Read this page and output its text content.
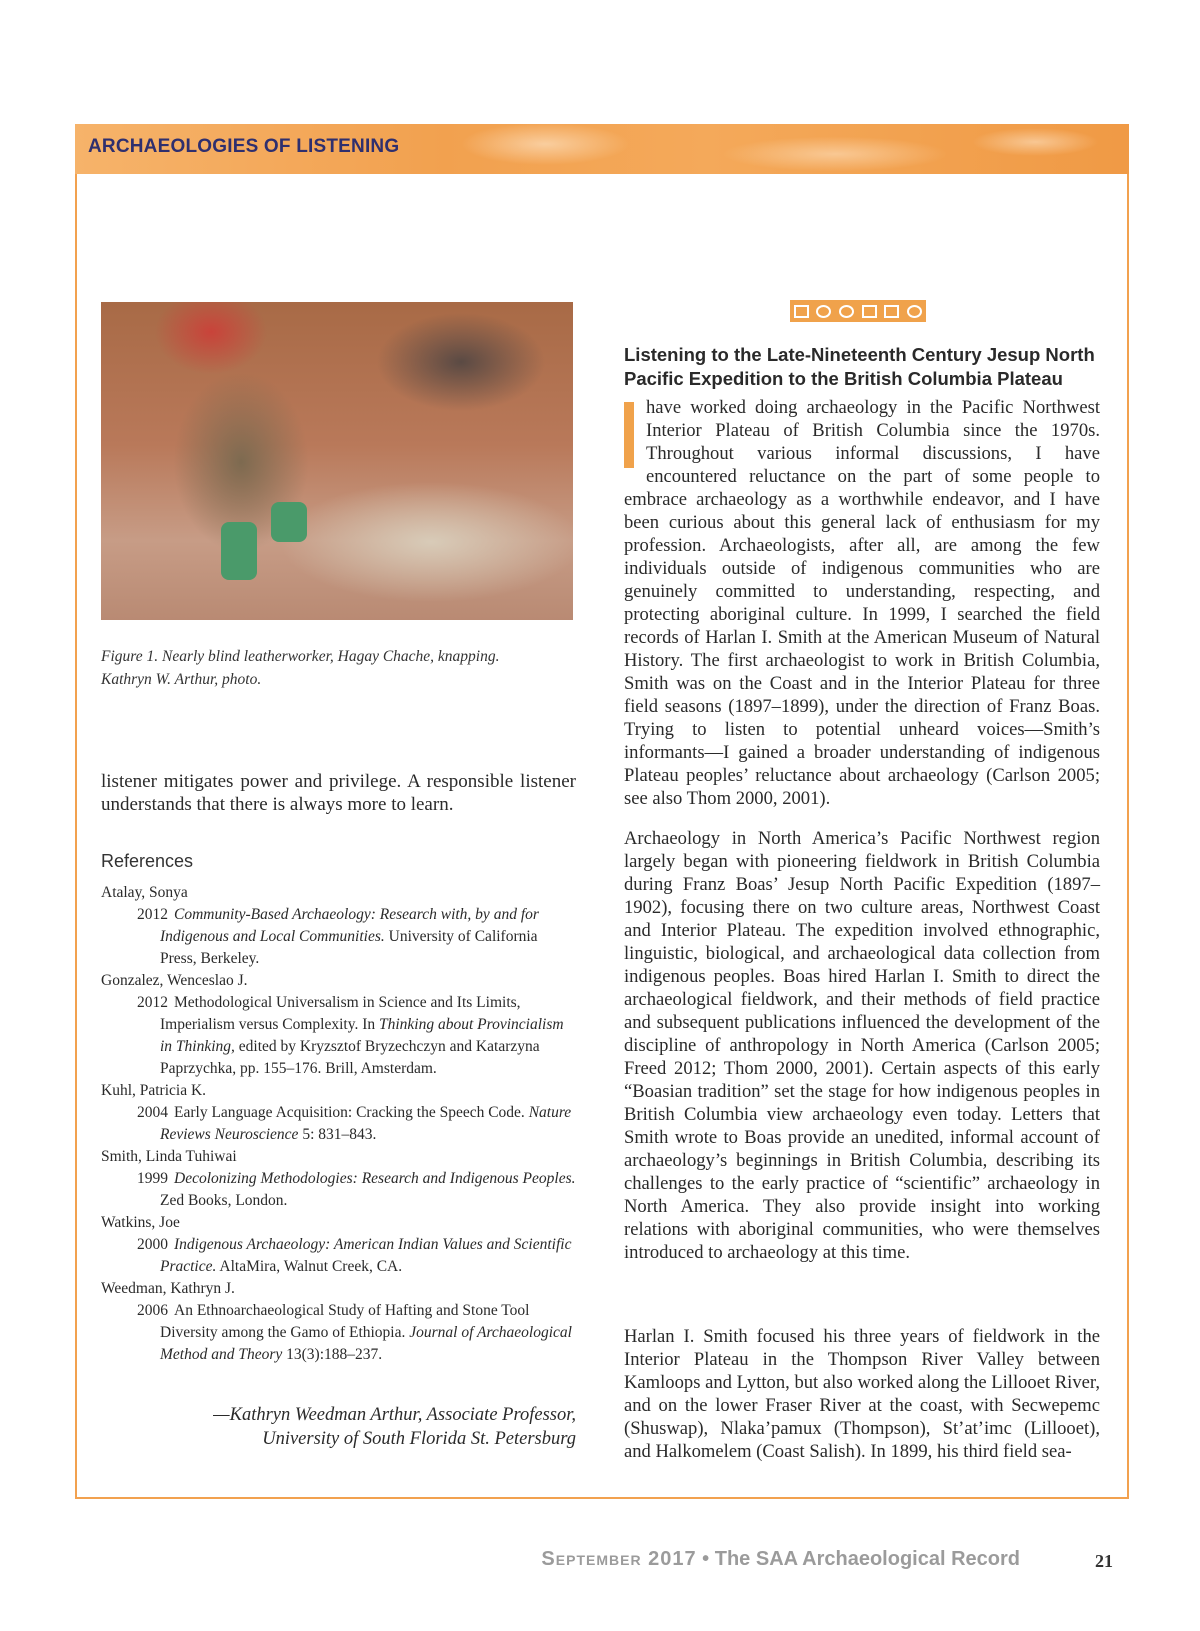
ARCHAEOLOGIES OF LISTENING
Figure 1. Nearly blind leatherworker, Hagay Chache, knapping.
Kathryn W. Arthur, photo.
listener mitigates power and privilege. A responsible listener understands that there is always more to learn.
References
Atalay, Sonya
2012 Community-Based Archaeology: Research with, by and for Indigenous and Local Communities. University of California Press, Berkeley.
Gonzalez, Wenceslao J.
2012 Methodological Universalism in Science and Its Limits, Imperialism versus Complexity. In Thinking about Provincialism in Thinking, edited by Kryzsztof Bryzechczyn and Katarzyna Paprzychka, pp. 155–176. Brill, Amsterdam.
Kuhl, Patricia K.
2004 Early Language Acquisition: Cracking the Speech Code. Nature Reviews Neuroscience 5: 831–843.
Smith, Linda Tuhiwai
1999 Decolonizing Methodologies: Research and Indigenous Peoples. Zed Books, London.
Watkins, Joe
2000 Indigenous Archaeology: American Indian Values and Scientific Practice. AltaMira, Walnut Creek, CA.
Weedman, Kathryn J.
2006 An Ethnoarchaeological Study of Hafting and Stone Tool Diversity among the Gamo of Ethiopia. Journal of Archaeological Method and Theory 13(3):188–237.
—Kathryn Weedman Arthur, Associate Professor,
University of South Florida St. Petersburg
Listening to the Late-Nineteenth Century Jesup North Pacific Expedition to the British Columbia Plateau

have worked doing archaeology in the Pacific Northwest Interior Plateau of British Columbia since the 1970s. Throughout various informal discussions, I have encountered reluctance on the part of some people to embrace archaeology as a worthwhile endeavor, and I have been curious about this general lack of enthusiasm for my profession. Archaeologists, after all, are among the few individuals outside of indigenous communities who are genuinely committed to understanding, respecting, and protecting aboriginal culture. In 1999, I searched the field records of Harlan I. Smith at the American Museum of Natural History. The first archaeologist to work in British Columbia, Smith was on the Coast and in the Interior Plateau for three field seasons (1897–1899), under the direction of Franz Boas. Trying to listen to potential unheard voices—Smith’s informants—I gained a broader understanding of indigenous Plateau peoples’ reluctance about archaeology (Carlson 2005; see also Thom 2000, 2001).

Archaeology in North America’s Pacific Northwest region largely began with pioneering fieldwork in British Columbia during Franz Boas’ Jesup North Pacific Expedition (1897–1902), focusing there on two culture areas, Northwest Coast and Interior Plateau. The expedition involved ethnographic, linguistic, biological, and archaeological data collection from indigenous peoples. Boas hired Harlan I. Smith to direct the archaeological fieldwork, and their methods of field practice and subsequent publications influenced the development of the discipline of anthropology in North America (Carlson 2005; Freed 2012; Thom 2000, 2001). Certain aspects of this early “Boasian tradition” set the stage for how indigenous peoples in British Columbia view archaeology even today. Letters that Smith wrote to Boas provide an unedited, informal account of archaeology’s beginnings in British Columbia, describing its challenges to the early practice of “scientific” archaeology in North America. They also provide insight into working relations with aboriginal communities, who were themselves introduced to archaeology at this time.

Harlan I. Smith focused his three years of fieldwork in the Interior Plateau in the Thompson River Valley between Kamloops and Lytton, but also worked along the Lillooet River, and on the lower Fraser River at the coast, with Secwepemc (Shuswap), Nlaka’pamux (Thompson), St’at’imc (Lillooet), and Halkomelem (Coast Salish). In 1899, his third field sea-

September 2017 • The SAA Archaeological Record	21
